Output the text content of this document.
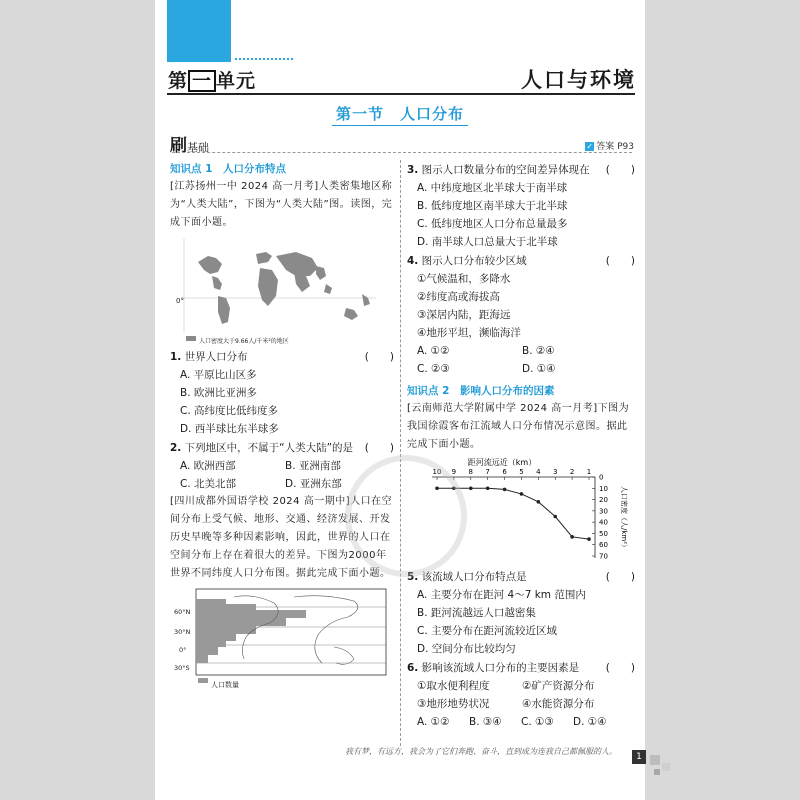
第 一 单元	人口与环境
第一节　人口分布
刷基础	✓ 答案 P93
知识点 1　人口分布特点
[江苏扬州一中 2024 高一月考]人类密集地区称为“人类大陆”，下图为“人类大陆”图。读图，完成下面小题。
0°
人口密度大于9.66人/千米²的地区
1. 世界人口分布	(　　)
A. 平原比山区多
B. 欧洲比亚洲多
C. 高纬度比低纬度多
D. 西半球比东半球多
2. 下列地区中，不属于“人类大陆”的是 (　　)
A. 欧洲西部	B. 亚洲南部
C. 北美北部	D. 亚洲东部
[四川成都外国语学校 2024 高一期中]人口在空间分布上受气候、地形、交通、经济发展、开发历史早晚等多种因素影响，因此，世界的人口在空间分布上存在着很大的差异。下图为2000年世界不同纬度人口分布图。据此完成下面小题。
60°N
30°N
0°
30°S
人口数量
3. 图示人口数量分布的空间差异体现在 (　　)
A. 中纬度地区北半球大于南半球
B. 低纬度地区南半球大于北半球
C. 低纬度地区人口分布总量最多
D. 南半球人口总量大于北半球
4. 图示人口分布较少区域	(　　)
①气候温和，多降水
②纬度高或海拔高
③深居内陆，距海远
④地形平坦，濒临海洋
A. ①②	B. ②④
C. ②③	D. ①④
知识点 2　影响人口分布的因素
[云南师范大学附属中学 2024 高一月考]下图为我国徐霞客布江流域人口分布情况示意图。据此完成下面小题。
距河流远近（km）
10 9 8 7 6 5 4 3 2 1
0
10
20
30
40
50
60
70
人口密度（人/km²）
5. 该流域人口分布特点是	(　　)
A. 主要分布在距河 4～7 km 范围内
B. 距河流越远人口越密集
C. 主要分布在距河流较近区域
D. 空间分布比较均匀
6. 影响该流域人口分布的主要因素是	(　　)
①取水便利程度	②矿产资源分布
③地形地势状况	④水能资源分布
A. ①②	B. ③④	C. ①③	D. ①④
我有梦，有远方，我会为了它们奔跑、奋斗，直到成为连我自己都佩服的人。
1
